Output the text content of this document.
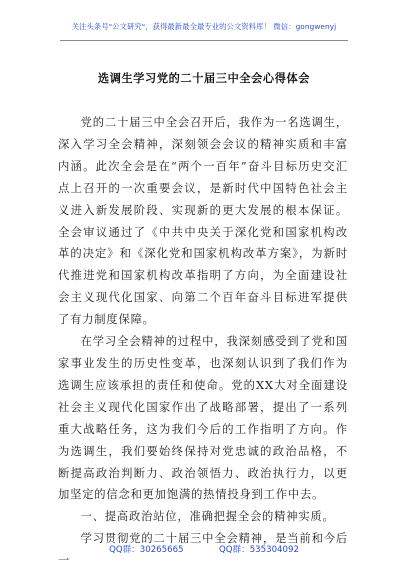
关注头条号"公文研究"，获得最新最全最专业的公文资料库！ 微信：gongwenyj
选调生学习党的二十届三中全会心得体会

党的二十届三中全会召开后，我作为一名选调生，深入学习全会精神，深刻领会会议的精神实质和丰富内涵。此次全会是在“两个一百年”奋斗目标历史交汇点上召开的一次重要会议，是新时代中国特色社会主义进入新发展阶段、实现新的更大发展的根本保证。全会审议通过了《中共中央关于深化党和国家机构改革的决定》和《深化党和国家机构改革方案》，为新时代推进党和国家机构改革指明了方向，为全面建设社会主义现代化国家、向第二个百年奋斗目标进军提供了有力制度保障。

在学习全会精神的过程中，我深刻感受到了党和国家事业发生的历史性变革，也深刻认识到了我们作为选调生应该承担的责任和使命。党的XX大对全面建设社会主义现代化国家作出了战略部署，提出了一系列重大战略任务，这为我们今后的工作指明了方向。作为选调生，我们要始终保持对党忠诚的政治品格，不断提高政治判断力、政治领悟力、政治执行力，以更加坚定的信念和更加饱满的热情投身到工作中去。

一、提高政治站位，准确把握全会的精神实质。

学习贯彻党的二十届三中全会精神，是当前和今后一

QQ群：30265665	QQ群：535304092
